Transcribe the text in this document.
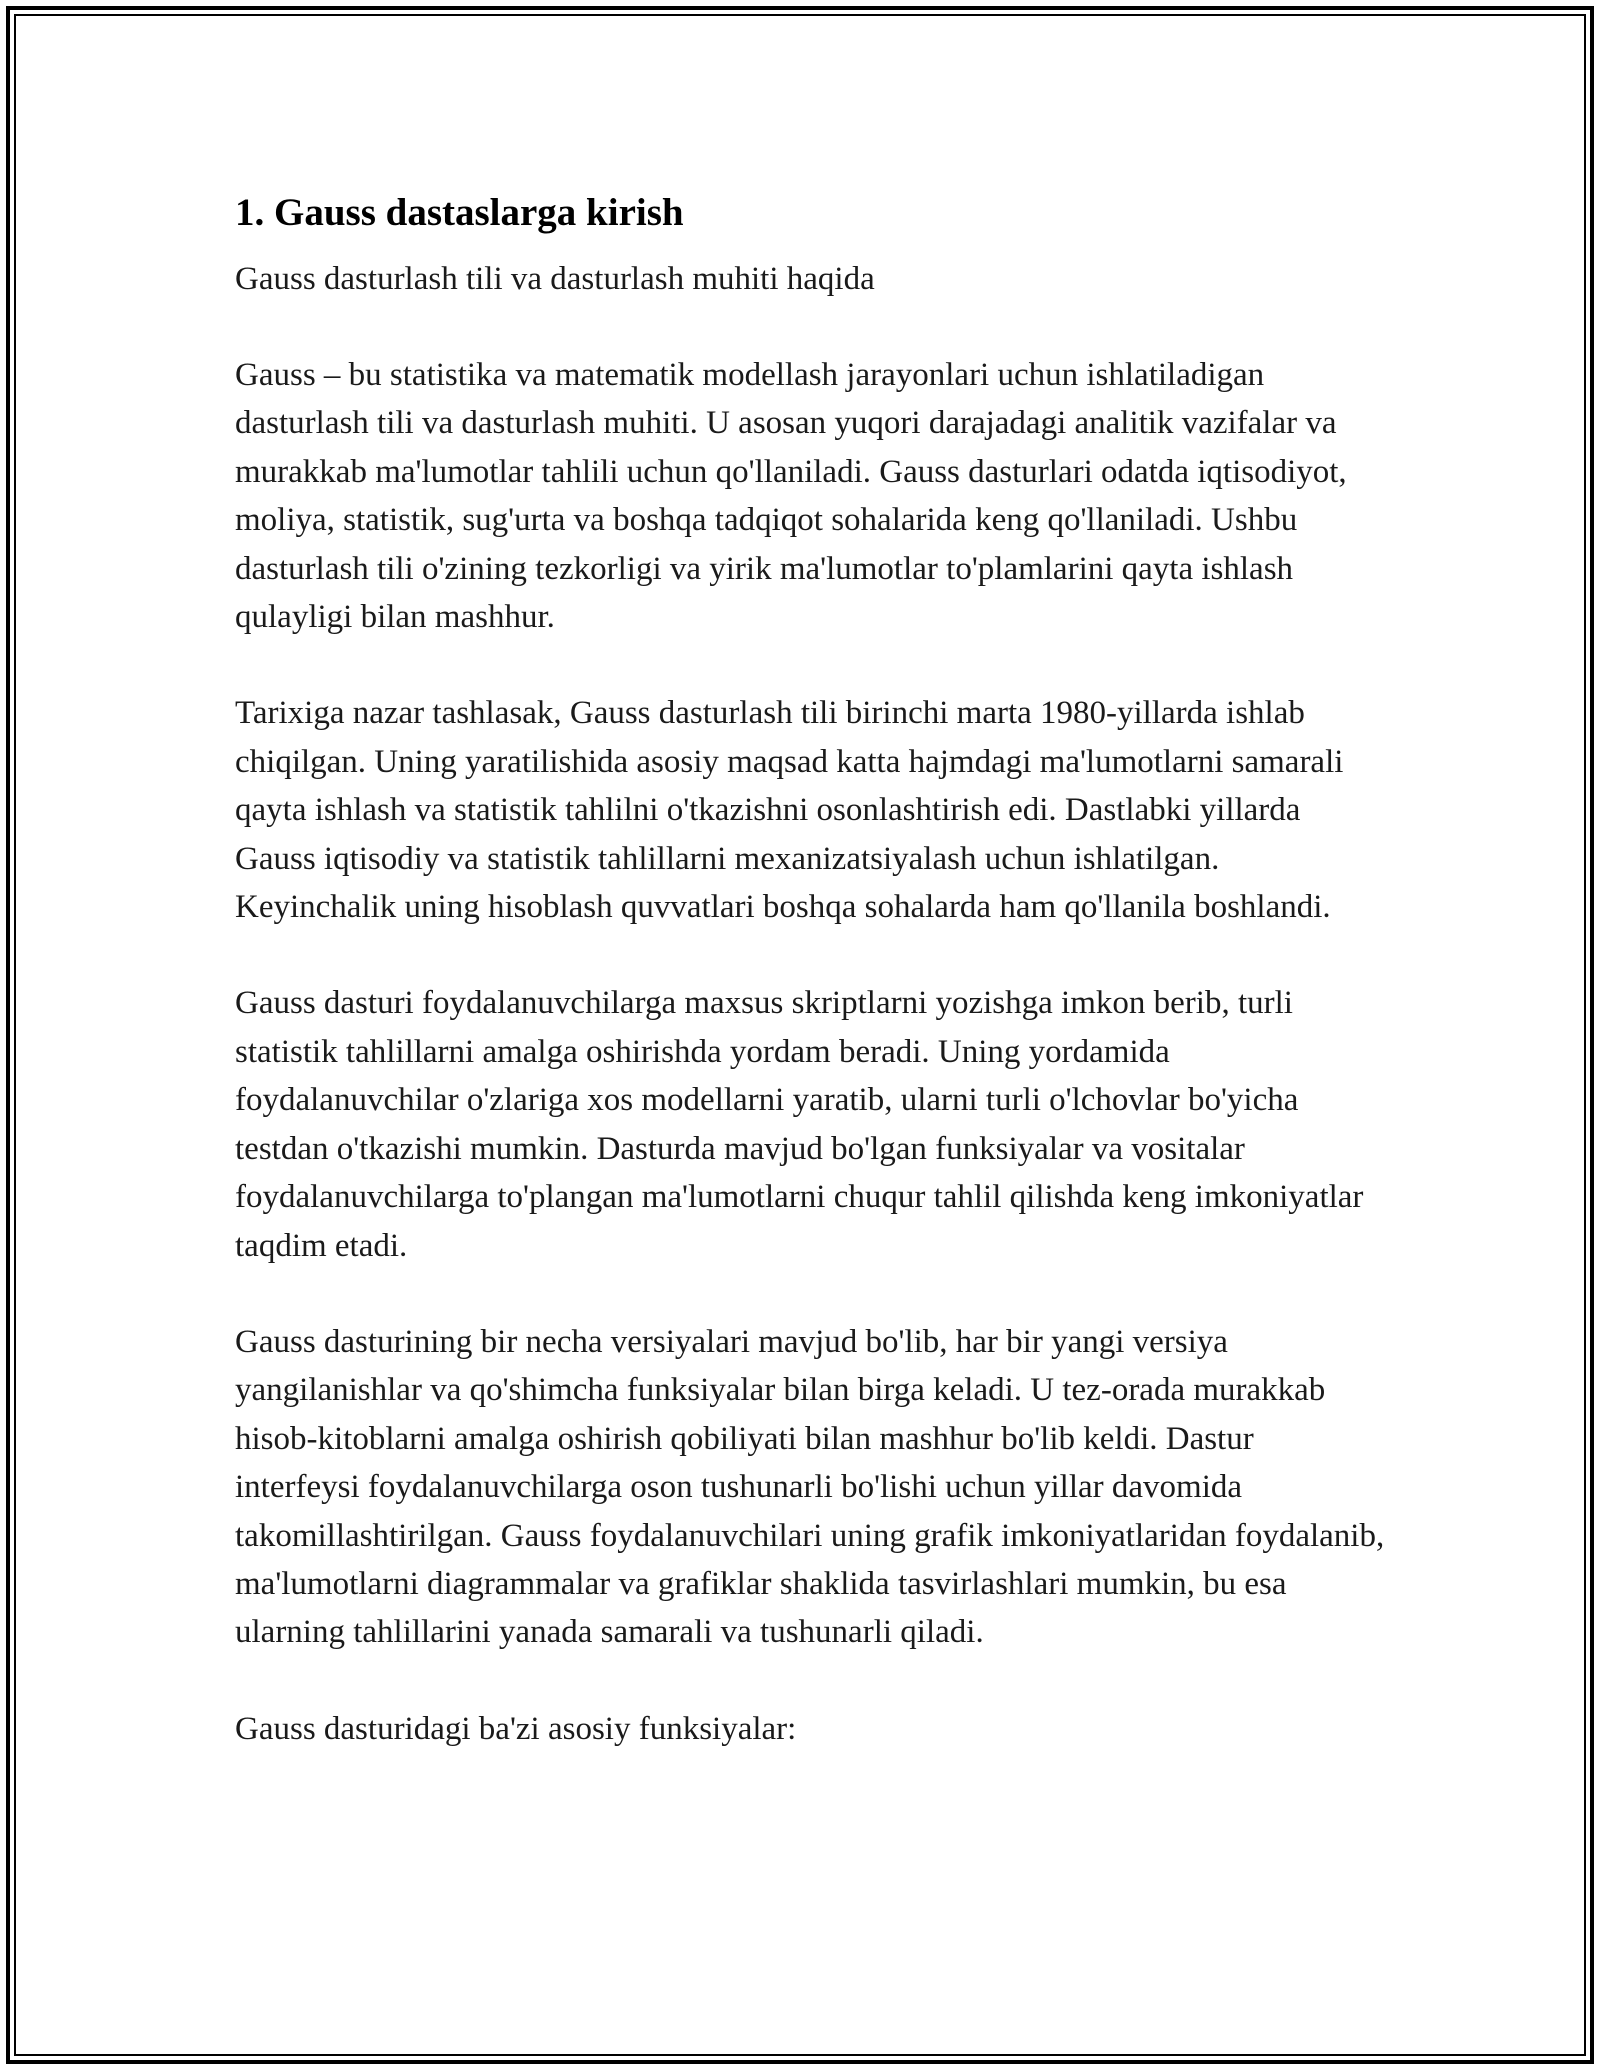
1. Gauss dastaslarga kirish

Gauss dasturlash tili va dasturlash muhiti haqida

Gauss – bu statistika va matematik modellash jarayonlari uchun ishlatiladigan dasturlash tili va dasturlash muhiti. U asosan yuqori darajadagi analitik vazifalar va murakkab ma'lumotlar tahlili uchun qo'llaniladi. Gauss dasturlari odatda iqtisodiyot, moliya, statistik, sug'urta va boshqa tadqiqot sohalarida keng qo'llaniladi. Ushbu dasturlash tili o'zining tezkorligi va yirik ma'lumotlar to'plamlarini qayta ishlash qulayligi bilan mashhur.

Tarixiga nazar tashlasak, Gauss dasturlash tili birinchi marta 1980-yillarda ishlab chiqilgan. Uning yaratilishida asosiy maqsad katta hajmdagi ma'lumotlarni samarali qayta ishlash va statistik tahlilni o'tkazishni osonlashtirish edi. Dastlabki yillarda Gauss iqtisodiy va statistik tahlillarni mexanizatsiyalash uchun ishlatilgan. Keyinchalik uning hisoblash quvvatlari boshqa sohalarda ham qo'llanila boshlandi.

Gauss dasturi foydalanuvchilarga maxsus skriptlarni yozishga imkon berib, turli statistik tahlillarni amalga oshirishda yordam beradi. Uning yordamida foydalanuvchilar o'zlariga xos modellarni yaratib, ularni turli o'lchovlar bo'yicha testdan o'tkazishi mumkin. Dasturda mavjud bo'lgan funksiyalar va vositalar foydalanuvchilarga to'plangan ma'lumotlarni chuqur tahlil qilishda keng imkoniyatlar taqdim etadi.

Gauss dasturining bir necha versiyalari mavjud bo'lib, har bir yangi versiya yangilanishlar va qo'shimcha funksiyalar bilan birga keladi. U tez-orada murakkab hisob-kitoblarni amalga oshirish qobiliyati bilan mashhur bo'lib keldi. Dastur interfeysi foydalanuvchilarga oson tushunarli bo'lishi uchun yillar davomida takomillashtirilgan. Gauss foydalanuvchilari uning grafik imkoniyatlaridan foydalanib, ma'lumotlarni diagrammalar va grafiklar shaklida tasvirlashlari mumkin, bu esa ularning tahlillarini yanada samarali va tushunarli qiladi.

Gauss dasturidagi ba'zi asosiy funksiyalar:
